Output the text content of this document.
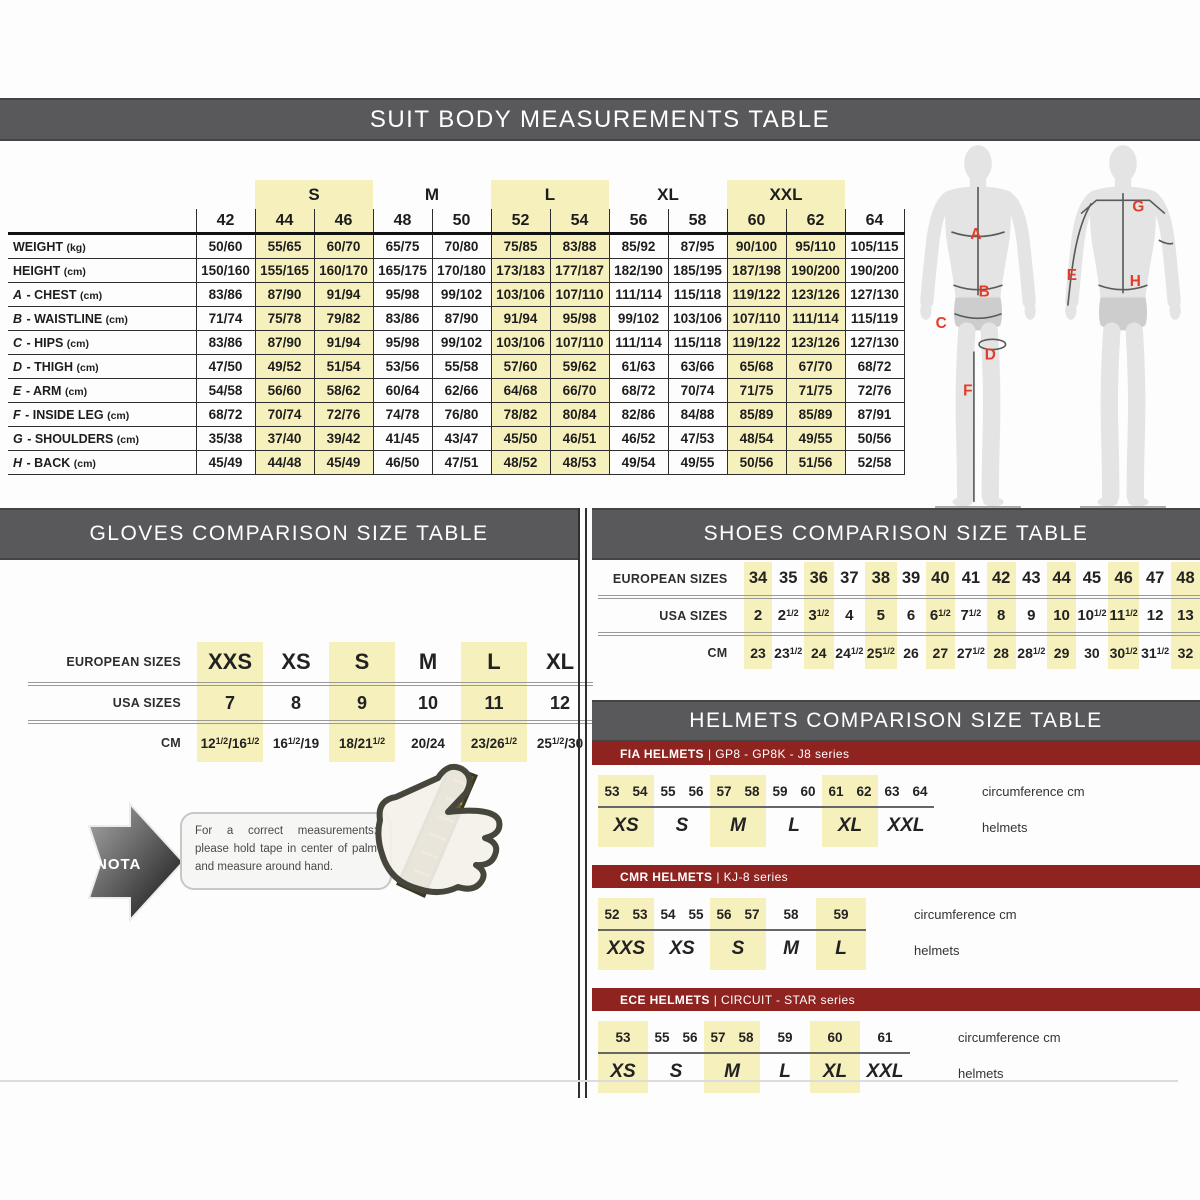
SUIT BODY MEASUREMENTS TABLE
		S		M		L		XL		XXL		
	42	44	46	48	50	52	54	56	58	60	62	64
WEIGHT (kg)	50/60	55/65	60/70	65/75	70/80	75/85	83/88	85/92	87/95	90/100	95/110	105/115
HEIGHT (cm)	150/160	155/165	160/170	165/175	170/180	173/183	177/187	182/190	185/195	187/198	190/200	190/200
A - CHEST (cm)	83/86	87/90	91/94	95/98	99/102	103/106	107/110	111/114	115/118	119/122	123/126	127/130
B - WAISTLINE (cm)	71/74	75/78	79/82	83/86	87/90	91/94	95/98	99/102	103/106	107/110	111/114	115/119
C - HIPS (cm)	83/86	87/90	91/94	95/98	99/102	103/106	107/110	111/114	115/118	119/122	123/126	127/130
D - THIGH (cm)	47/50	49/52	51/54	53/56	55/58	57/60	59/62	61/63	63/66	65/68	67/70	68/72
E - ARM (cm)	54/58	56/60	58/62	60/64	62/66	64/68	66/70	68/72	70/74	71/75	71/75	72/76
F - INSIDE LEG (cm)	68/72	70/74	72/76	74/78	76/80	78/82	80/84	82/86	84/88	85/89	85/89	87/91
G - SHOULDERS (cm)	35/38	37/40	39/42	41/45	43/47	45/50	46/51	46/52	47/53	48/54	49/55	50/56
H - BACK (cm)	45/49	44/48	45/49	46/50	47/51	48/52	48/53	49/54	49/55	50/56	51/56	52/58
A
B
C
D
F
G
E	H
GLOVES COMPARISON SIZE TABLE
EUROPEAN SIZES	XXS	XS	S	M	L	XL
USA SIZES	7	8	9	10	11	12
CM	$12^{1/2}/16^{1/2}$	$16^{1/2}/19$	$18/21^{1/2}$	20/24	$23/26^{1/2}$	$25^{1/2}/30$
NOTA

For a correct measurements: please hold tape in center of palm and measure around hand.

SHOES COMPARISON SIZE TABLE
EUROPEAN SIZES	34	35	36	37	38	39	40	41	42	43	44	45	46	47	48
USA SIZES	2	$2^{1/2}$	$3^{1/2}$	4	5	6	$6^{1/2}$	$7^{1/2}$	8	9	10	$10^{1/2}$	$11^{1/2}$	12	13
CM	23	$23^{1/2}$	24	$24^{1/2}$	$25^{1/2}$	26	27	$27^{1/2}$	28	$28^{1/2}$	29	30	$30^{1/2}$	$31^{1/2}$	32
HELMETS COMPARISON SIZE TABLE
FIA HELMETS | GP8 - GP8K - J8 series
53	54	55	56	57	58	59	60	61	62	63	64	circumference cm
XS		S		M		L		XL		XXL		helmets
CMR HELMETS | KJ-8 series
52	53	54	55	56	57	58	59	circumference cm
XXS		XS		S		M	L	helmets
ECE HELMETS | CIRCUIT - STAR series
53	55	56	57	58	59	60	61	circumference cm
XS	S		M		L	XL	XXL	helmets
